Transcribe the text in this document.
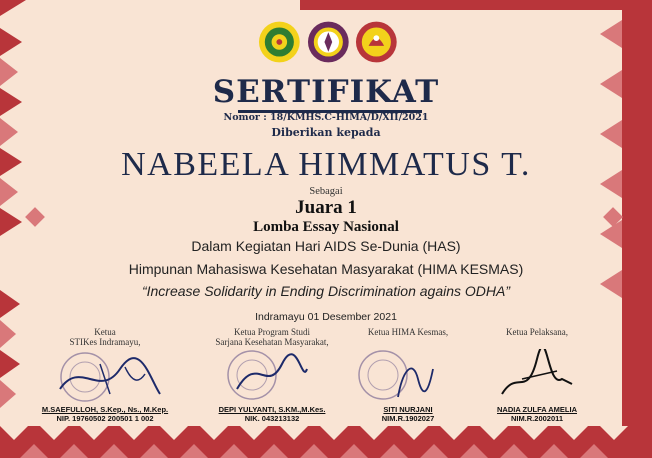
SERTIFIKAT
Nomor : 18/KMHS.C-HIMA/D/XII/2021
Diberikan kepada
NABEELA HIMMATUS T.
Sebagai
Juara 1
Lomba Essay Nasional
Dalam Kegiatan Hari AIDS Se-Dunia (HAS)
Himpunan Mahasiswa Kesehatan Masyarakat (HIMA KESMAS)
“Increase Solidarity in Ending Discrimination agains ODHA”
Indramayu 01 Desember 2021
Ketua
STIKes Indramayu,
M.SAEFULLOH, S.Kep., Ns., M.Kep.
NIP. 19760502 200501 1 002
Ketua Program Studi
Sarjana Kesehatan Masyarakat,
DEPI YULYANTI, S.KM.,M.Kes.
NIK. 043213132
Ketua HIMA Kesmas,
SITI NURJANI
NIM.R.1902027
Ketua Pelaksana,
NADIA ZULFA AMELIA
NIM.R.2002011
